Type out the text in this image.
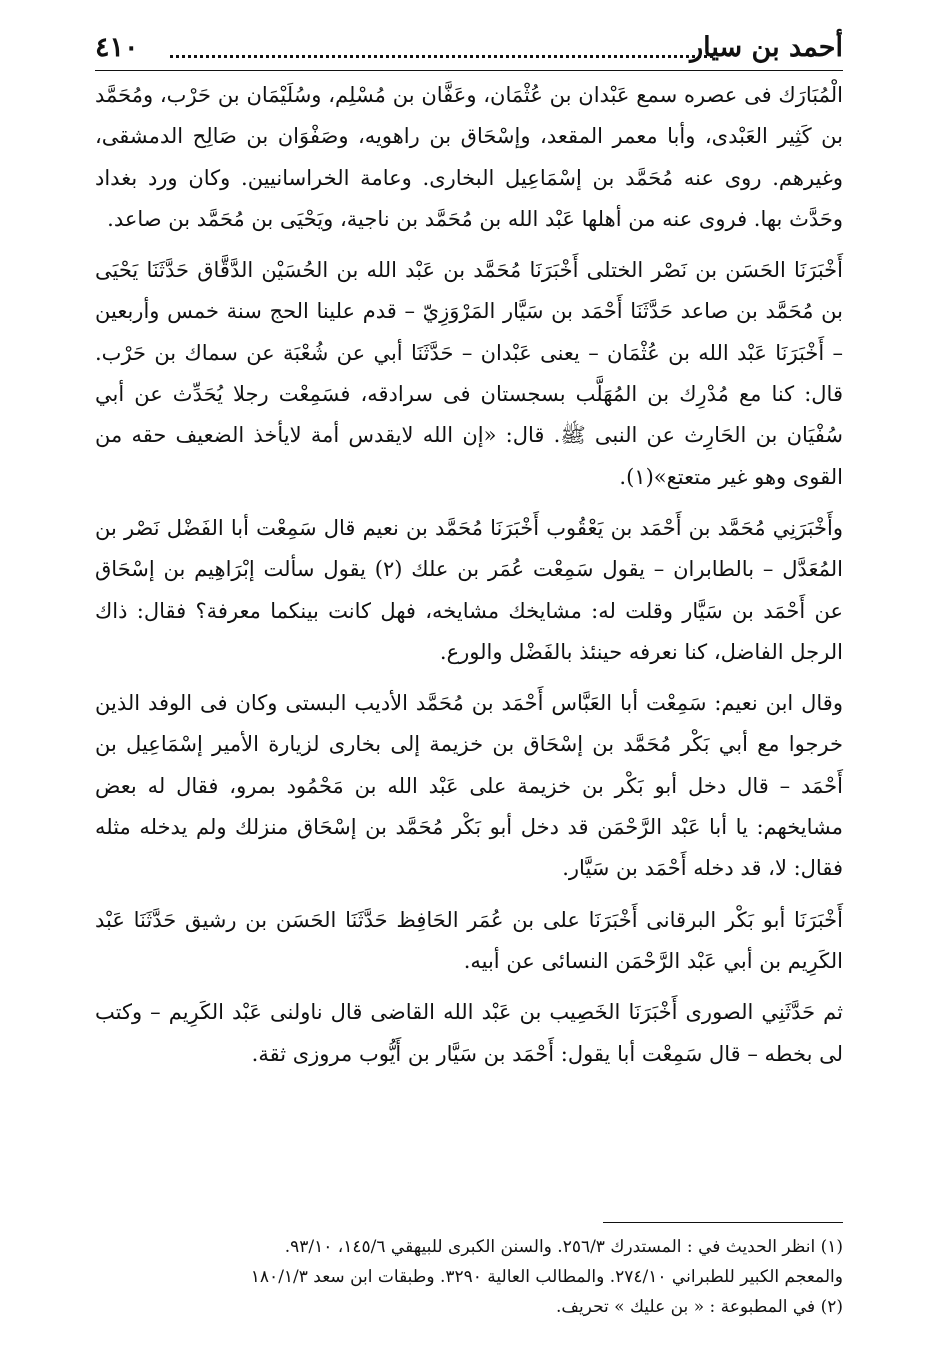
أحمد بن سيار
٤١٠

الْمُبَارَك فى عصره سمع عَبْدان بن عُثْمَان، وعَفَّان بن مُسْلِم، وسُلَيْمَان بن حَرْب، ومُحَمَّد بن كَثِير العَبْدى، وأبا معمر المقعد، وإسْحَاق بن راهويه، وصَفْوَان بن صَالِح الدمشقى، وغيرهم. روى عنه مُحَمَّد بن إسْمَاعِيل البخارى. وعامة الخراسانيين. وكان ورد بغداد وحَدَّث بها. فروى عنه من أهلها عَبْد الله بن مُحَمَّد بن ناجية، ويَحْيَى بن مُحَمَّد بن صاعد.

أَخْبَرَنَا الحَسَن بن نَصْر الختلى أَخْبَرَنَا مُحَمَّد بن عَبْد الله بن الحُسَيْن الدَّقَّاق حَدَّثَنَا يَحْيَى بن مُحَمَّد بن صاعد حَدَّثَنَا أَحْمَد بن سَيَّار المَرْوَزِيّ – قدم علينا الحج سنة خمس وأربعين – أَخْبَرَنَا عَبْد الله بن عُثْمَان – يعنى عَبْدان – حَدَّثَنَا أبي عن شُعْبَة عن سماك بن حَرْب. قال: كنا مع مُدْرِك بن المُهَلَّب بسجستان فى سرادقه، فسَمِعْت رجلا يُحَدِّث عن أبي سُفْيَان بن الحَارِث عن النبى ﷺ. قال: «إن الله لايقدس أمة لايأخذ الضعيف حقه من القوى وهو غير متعتع»(١).

وأَخْبَرَنِي مُحَمَّد بن أَحْمَد بن يَعْقُوب أَخْبَرَنَا مُحَمَّد بن نعيم قال سَمِعْت أبا الفَضْل نَصْر بن المُعَدَّل – بالطابران – يقول سَمِعْت عُمَر بن علك (٢) يقول سألت إبْرَاهِيم بن إسْحَاق عن أَحْمَد بن سَيَّار وقلت له: مشايخك مشايخه، فهل كانت بينكما معرفة؟ فقال: ذاك الرجل الفاضل، كنا نعرفه حينئذ بالفَضْل والورع.

وقال ابن نعيم: سَمِعْت أبا العَبَّاس أَحْمَد بن مُحَمَّد الأديب البستى وكان فى الوفد الذين خرجوا مع أبي بَكْر مُحَمَّد بن إسْحَاق بن خزيمة إلى بخارى لزيارة الأمير إسْمَاعِيل بن أَحْمَد – قال دخل أبو بَكْر بن خزيمة على عَبْد الله بن مَحْمُود بمرو، فقال له بعض مشايخهم: يا أبا عَبْد الرَّحْمَن قد دخل أبو بَكْر مُحَمَّد بن إسْحَاق منزلك ولم يدخله مثله فقال: لا، قد دخله أَحْمَد بن سَيَّار.

أَخْبَرَنَا أبو بَكْر البرقانى أَخْبَرَنَا على بن عُمَر الحَافِظ حَدَّثَنَا الحَسَن بن رشيق حَدَّثَنَا عَبْد الكَرِيم بن أبي عَبْد الرَّحْمَن النسائى عن أبيه.

ثم حَدَّثَنِي الصورى أَخْبَرَنَا الخَصِيب بن عَبْد الله القاضى قال ناولنى عَبْد الكَرِيم – وكتب لى بخطه – قال سَمِعْت أبا يقول: أَحْمَد بن سَيَّار بن أَيُّوب مروزى ثقة.

(١) انظر الحديث في : المستدرك ٢٥٦/٣. والسنن الكبرى للبيهقي ١٤٥/٦، ٩٣/١٠.

والمعجم الكبير للطبراني ٢٧٤/١٠. والمطالب العالية ٣٢٩٠. وطبقات ابن سعد ١٨٠/١/٣

(٢) في المطبوعة : « بن عليك » تحريف.
